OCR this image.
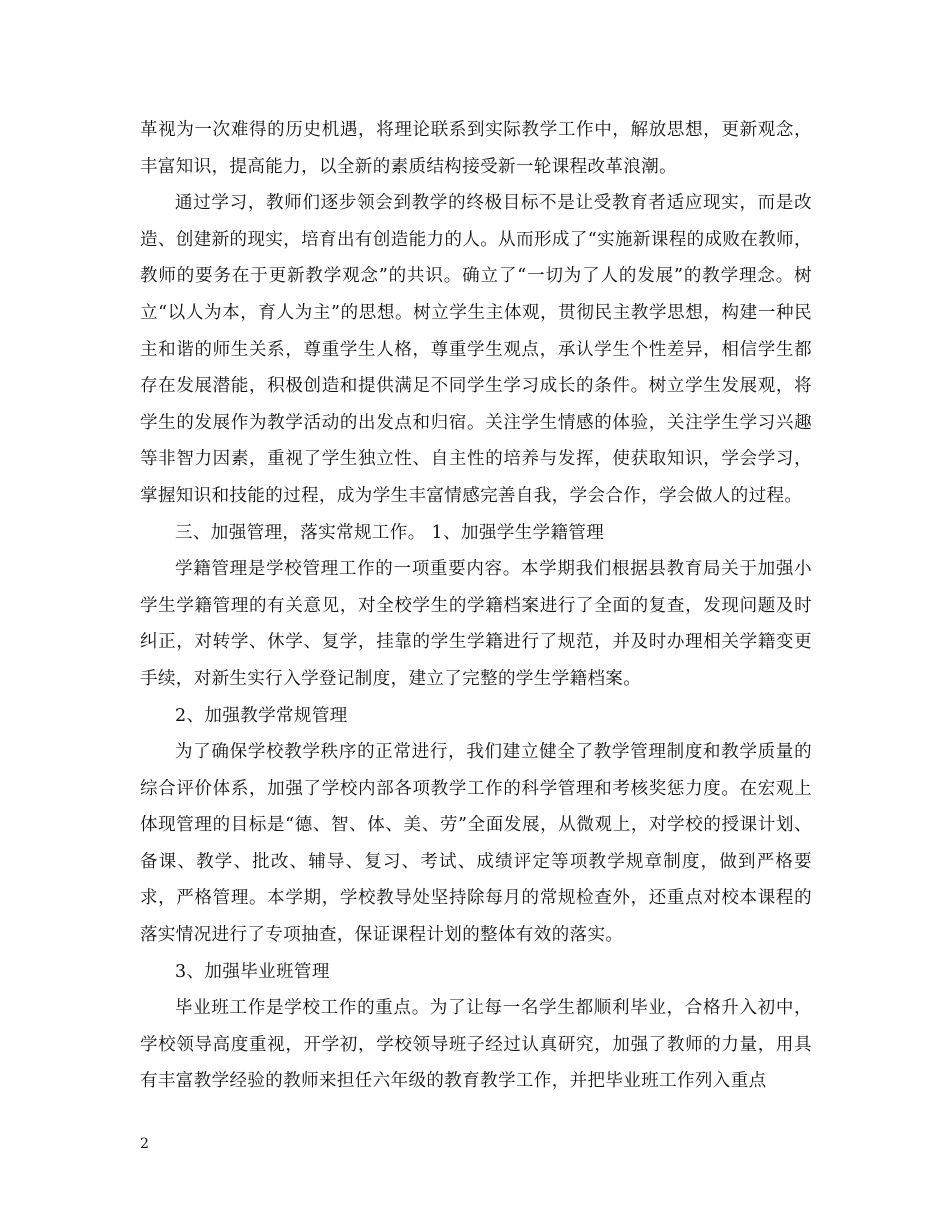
革视为一次难得的历史机遇，将理论联系到实际教学工作中，解放思想，更新观念，丰富知识，提高能力，以全新的素质结构接受新一轮课程改革浪潮。

通过学习，教师们逐步领会到教学的终极目标不是让受教育者适应现实，而是改造、创建新的现实，培育出有创造能力的人。从而形成了“实施新课程的成败在教师，教师的要务在于更新教学观念”的共识。确立了“一切为了人的发展”的教学理念。树立“以人为本，育人为主”的思想。树立学生主体观，贯彻民主教学思想，构建一种民主和谐的师生关系，尊重学生人格，尊重学生观点，承认学生个性差异，相信学生都存在发展潜能，积极创造和提供满足不同学生学习成长的条件。树立学生发展观，将学生的发展作为教学活动的出发点和归宿。关注学生情感的体验，关注学生学习兴趣等非智力因素，重视了学生独立性、自主性的培养与发挥，使获取知识，学会学习，掌握知识和技能的过程，成为学生丰富情感完善自我，学会合作，学会做人的过程。

三、加强管理，落实常规工作。 1、加强学生学籍管理

学籍管理是学校管理工作的一项重要内容。本学期我们根据县教育局关于加强小学生学籍管理的有关意见，对全校学生的学籍档案进行了全面的复查，发现问题及时纠正，对转学、休学、复学，挂靠的学生学籍进行了规范，并及时办理相关学籍变更手续，对新生实行入学登记制度，建立了完整的学生学籍档案。

2、加强教学常规管理

为了确保学校教学秩序的正常进行，我们建立健全了教学管理制度和教学质量的综合评价体系，加强了学校内部各项教学工作的科学管理和考核奖惩力度。在宏观上体现管理的目标是“德、智、体、美、劳”全面发展，从微观上，对学校的授课计划、备课、教学、批改、辅导、复习、考试、成绩评定等项教学规章制度，做到严格要求，严格管理。本学期，学校教导处坚持除每月的常规检查外，还重点对校本课程的落实情况进行了专项抽查，保证课程计划的整体有效的落实。

3、加强毕业班管理

毕业班工作是学校工作的重点。为了让每一名学生都顺利毕业，合格升入初中，学校领导高度重视，开学初，学校领导班子经过认真研究，加强了教师的力量，用具有丰富教学经验的教师来担任六年级的教育教学工作，并把毕业班工作列入重点

2
